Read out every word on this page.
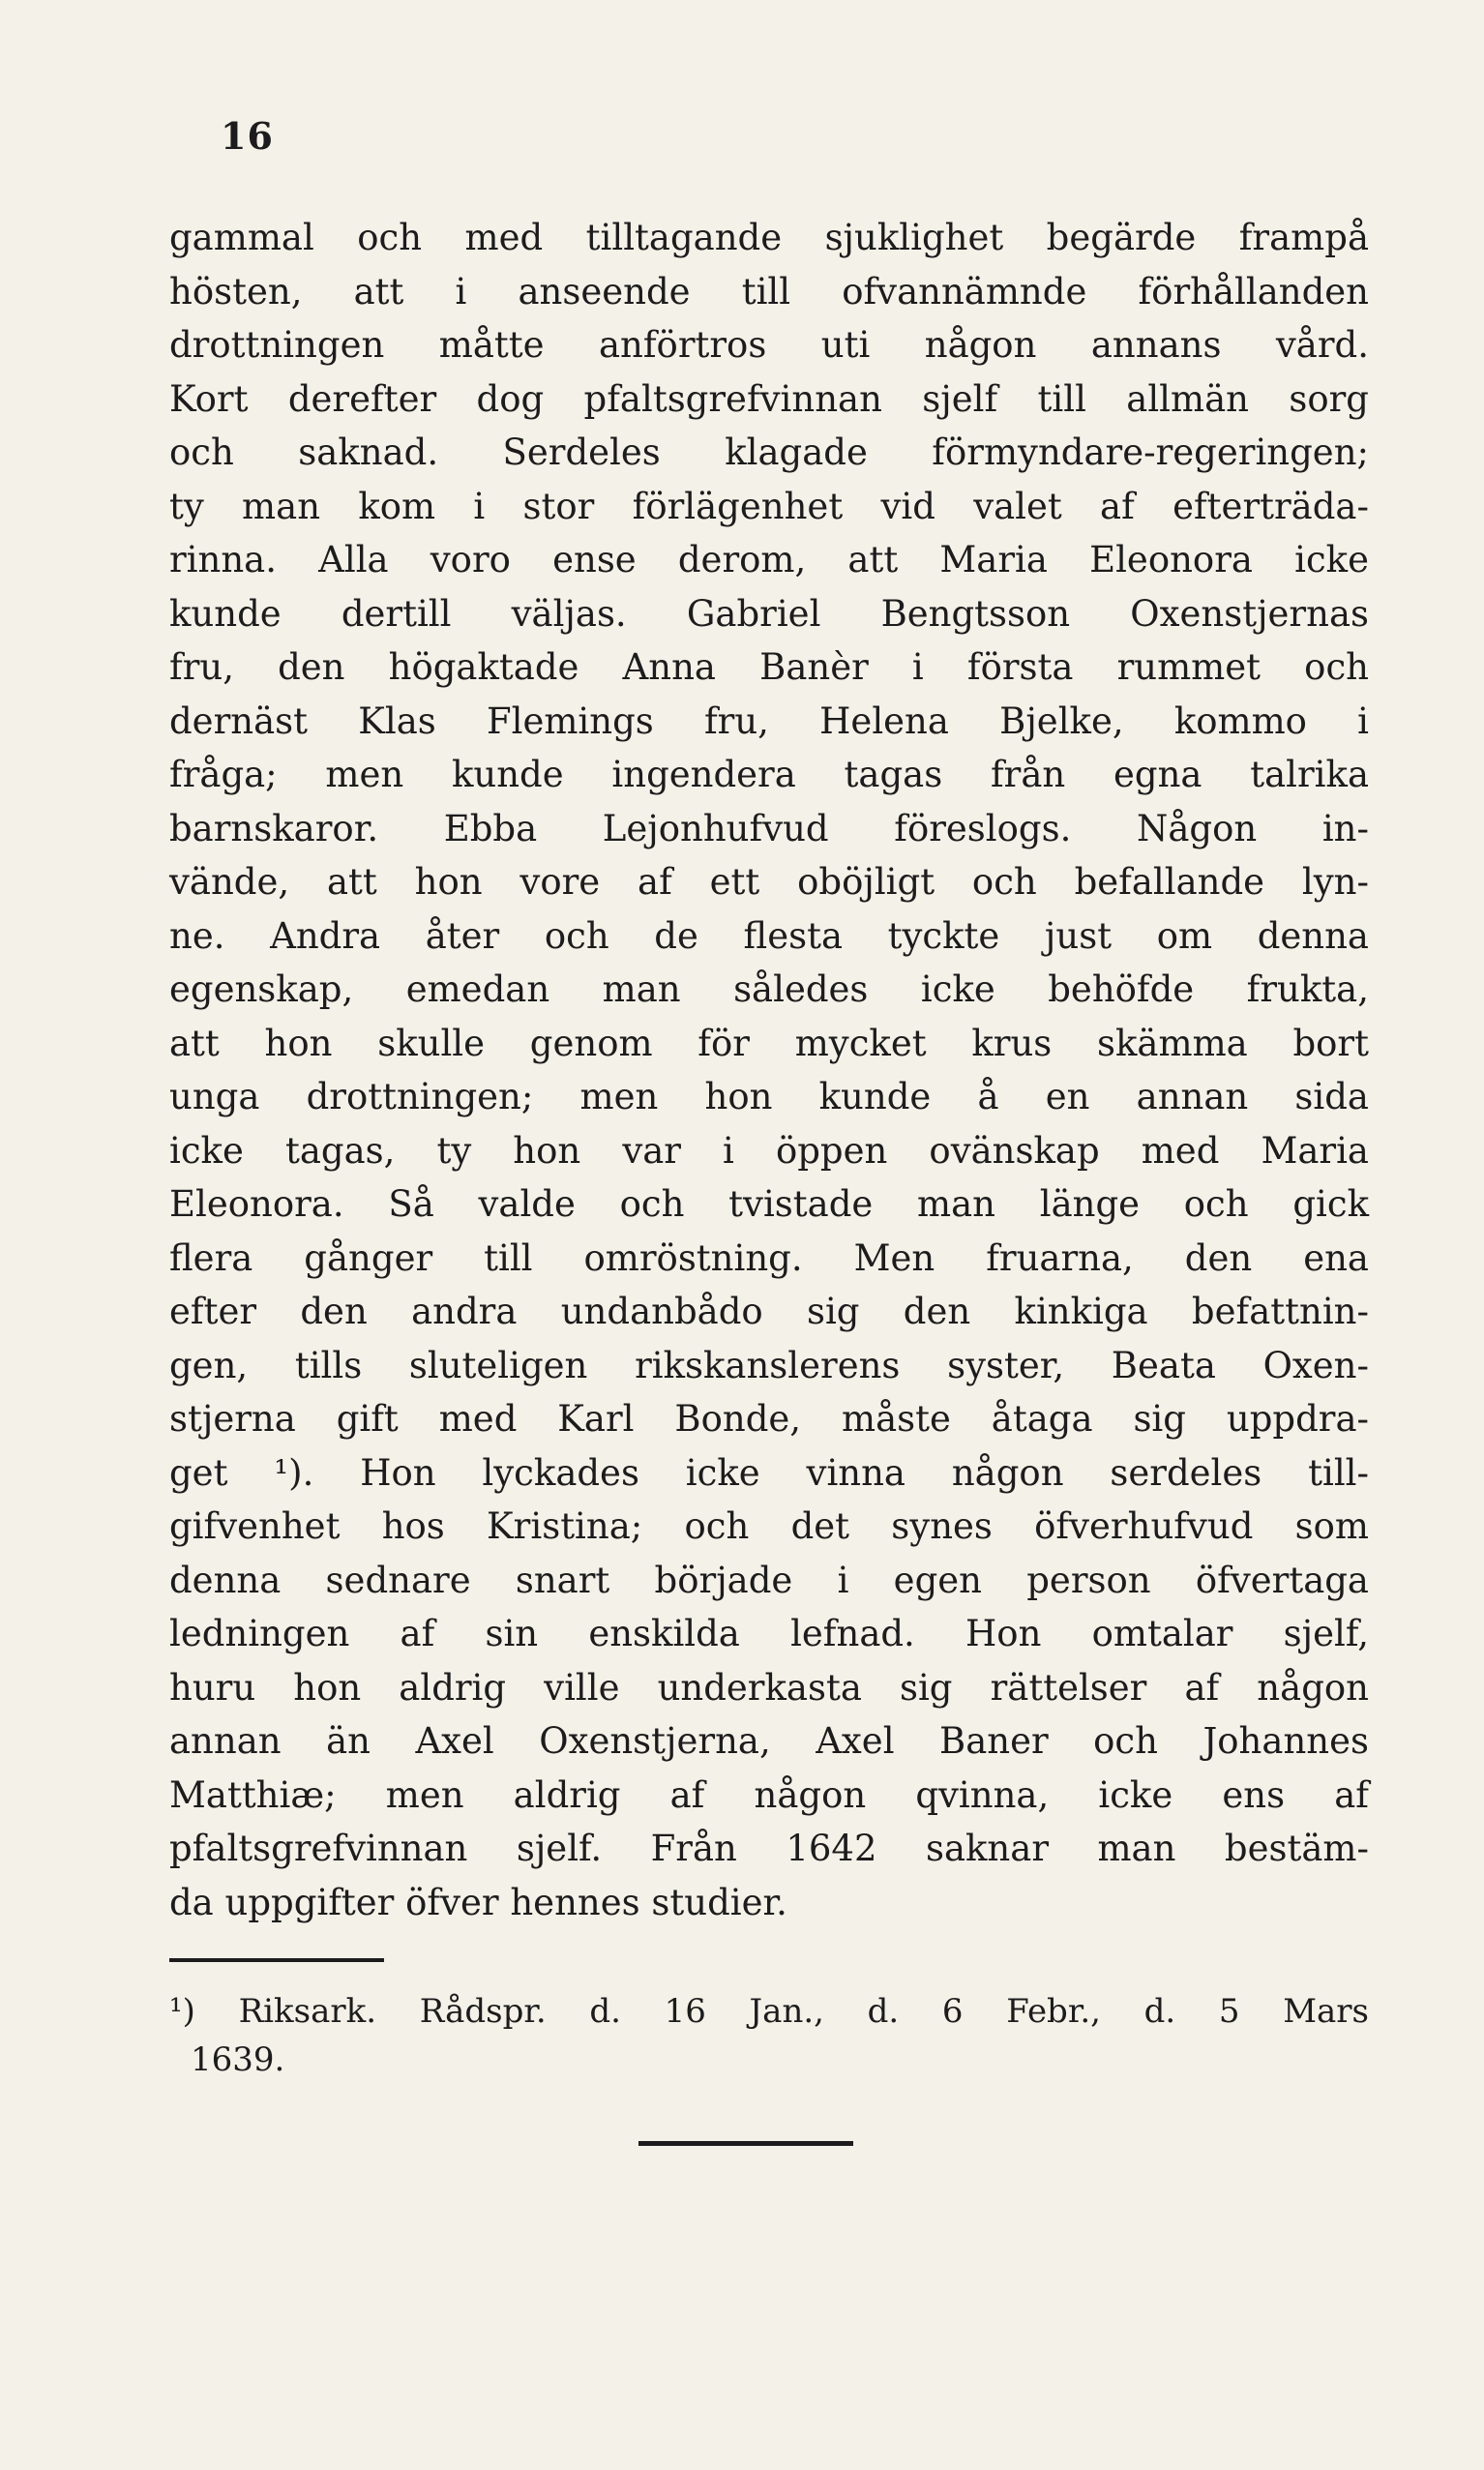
16
gammal och med tilltagande sjuklighet begärde frampå
hösten, att i anseende till ofvannämnde förhållanden
drottningen måtte anförtros uti någon annans vård.
Kort derefter dog pfaltsgrefvinnan sjelf till allmän sorg
och saknad. Serdeles klagade förmyndare-regeringen;
ty man kom i stor förlägenhet vid valet af efterträda-
rinna. Alla voro ense derom, att Maria Eleonora icke
kunde dertill väljas. Gabriel Bengtsson Oxenstjernas
fru, den högaktade Anna Banèr i första rummet och
dernäst Klas Flemings fru, Helena Bjelke, kommo i
fråga; men kunde ingendera tagas från egna talrika
barnskaror. Ebba Lejonhufvud föreslogs. Någon in-
vände, att hon vore af ett oböjligt och befallande lyn-
ne. Andra åter och de flesta tyckte just om denna
egenskap, emedan man således icke behöfde frukta,
att hon skulle genom för mycket krus skämma bort
unga drottningen; men hon kunde å en annan sida
icke tagas, ty hon var i öppen ovänskap med Maria
Eleonora. Så valde och tvistade man länge och gick
flera gånger till omröstning. Men fruarna, den ena
efter den andra undanbådo sig den kinkiga befattnin-
gen, tills sluteligen rikskanslerens syster, Beata Oxen-
stjerna gift med Karl Bonde, måste åtaga sig uppdra-
get ¹). Hon lyckades icke vinna någon serdeles till-
gifvenhet hos Kristina; och det synes öfverhufvud som
denna sednare snart började i egen person öfvertaga
ledningen af sin enskilda lefnad. Hon omtalar sjelf,
huru hon aldrig ville underkasta sig rättelser af någon
annan än Axel Oxenstjerna, Axel Baner och Johannes
Matthiæ; men aldrig af någon qvinna, icke ens af
pfaltsgrefvinnan sjelf. Från 1642 saknar man bestäm-
da uppgifter öfver hennes studier.
¹) Riksark. Rådspr. d. 16 Jan., d. 6 Febr., d. 5 Mars
1639.
